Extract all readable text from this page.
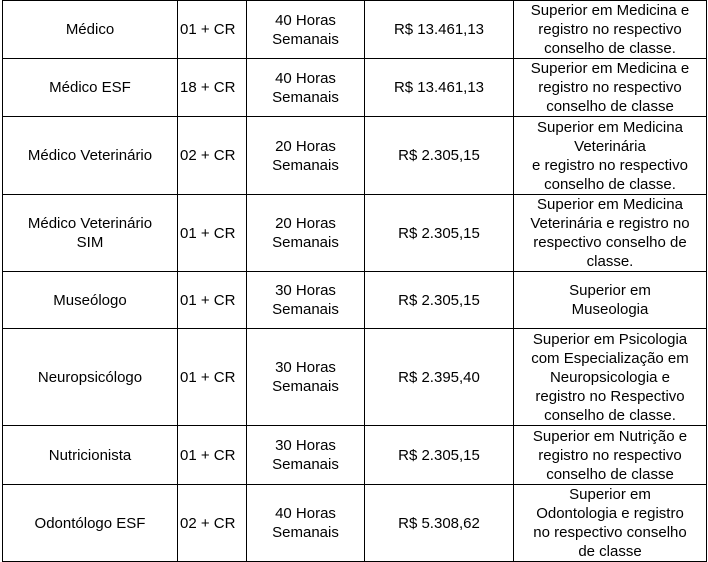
Médico	01 + CR	40 Horas
Semanais	R$ 13.461,13	Superior em Medicina e
registro no respectivo
conselho de classe.

Médico ESF	18 + CR	40 Horas
Semanais	R$ 13.461,13	Superior em Medicina e
registro no respectivo
conselho de classe

Médico Veterinário	02 + CR	20 Horas
Semanais	R$ 2.305,15	Superior em Medicina
Veterinária
e registro no respectivo
conselho de classe.

Médico Veterinário
SIM	01 + CR	20 Horas
Semanais	R$ 2.305,15	Superior em Medicina
Veterinária e registro no
respectivo conselho de
classe.

Museólogo	01 + CR	30 Horas
Semanais	R$ 2.305,15	Superior em
Museologia

Neuropsicólogo	01 + CR	30 Horas
Semanais	R$ 2.395,40	Superior em Psicologia
com Especialização em
Neuropsicologia e
registro no Respectivo
conselho de classe.

Nutricionista	01 + CR	30 Horas
Semanais	R$ 2.305,15	Superior em Nutrição e
registro no respectivo
conselho de classe

Odontólogo ESF	02 + CR	40 Horas
Semanais	R$ 5.308,62	Superior em
Odontologia e registro
no respectivo conselho
de classe
